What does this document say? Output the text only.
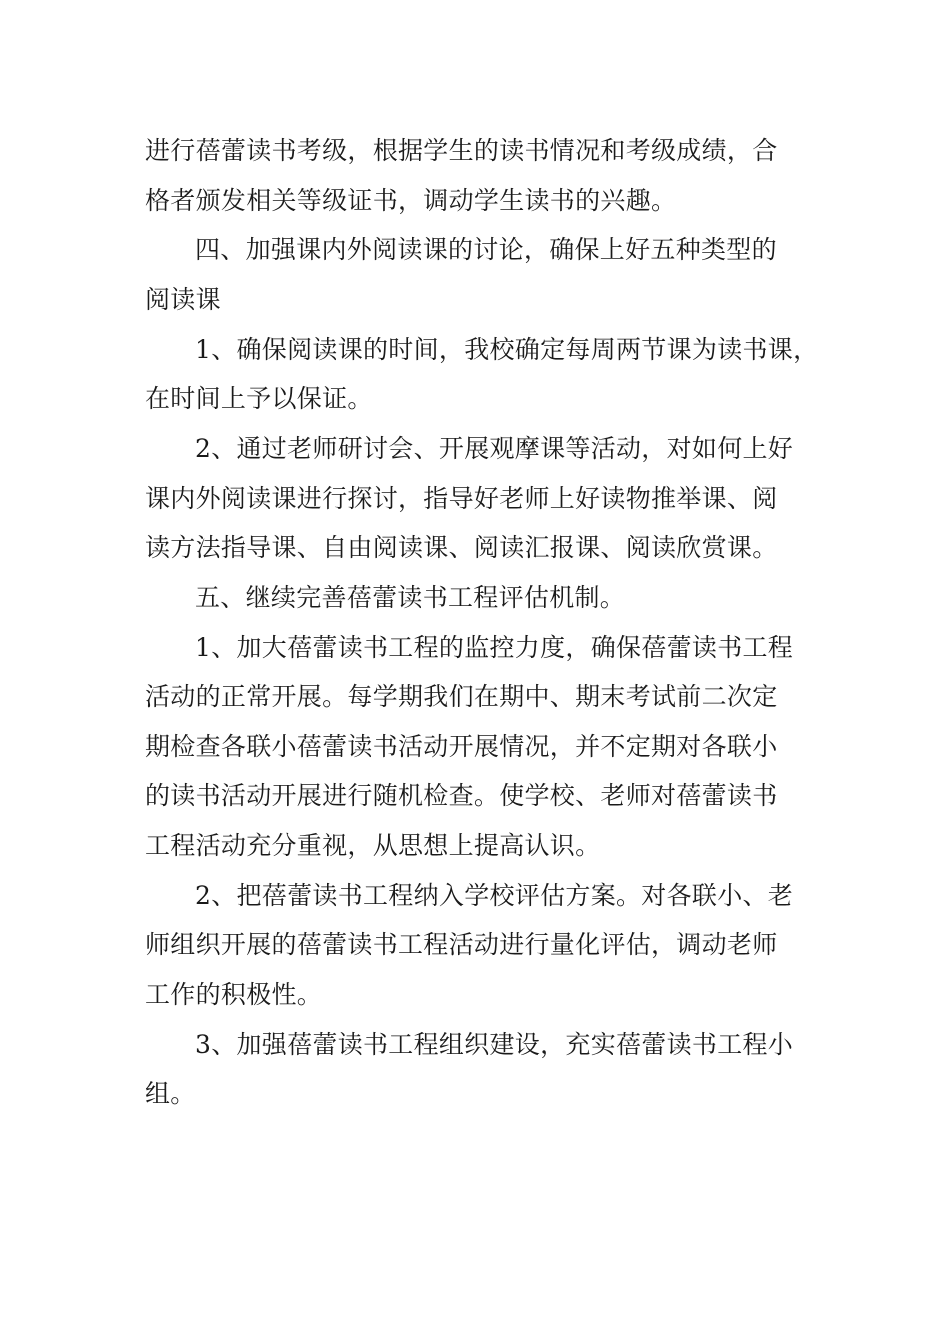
进行蓓蕾读书考级，根据学生的读书情况和考级成绩，合
格者颁发相关等级证书，调动学生读书的兴趣。
四、加强课内外阅读课的讨论，确保上好五种类型的
阅读课
1、确保阅读课的时间，我校确定每周两节课为读书课，
在时间上予以保证。
2、通过老师研讨会、开展观摩课等活动，对如何上好
课内外阅读课进行探讨，指导好老师上好读物推举课、阅
读方法指导课、自由阅读课、阅读汇报课、阅读欣赏课。
五、继续完善蓓蕾读书工程评估机制。
1、加大蓓蕾读书工程的监控力度，确保蓓蕾读书工程
活动的正常开展。每学期我们在期中、期末考试前二次定
期检查各联小蓓蕾读书活动开展情况，并不定期对各联小
的读书活动开展进行随机检查。使学校、老师对蓓蕾读书
工程活动充分重视，从思想上提高认识。
2、把蓓蕾读书工程纳入学校评估方案。对各联小、老
师组织开展的蓓蕾读书工程活动进行量化评估，调动老师
工作的积极性。
3、加强蓓蕾读书工程组织建设，充实蓓蕾读书工程小
组。
